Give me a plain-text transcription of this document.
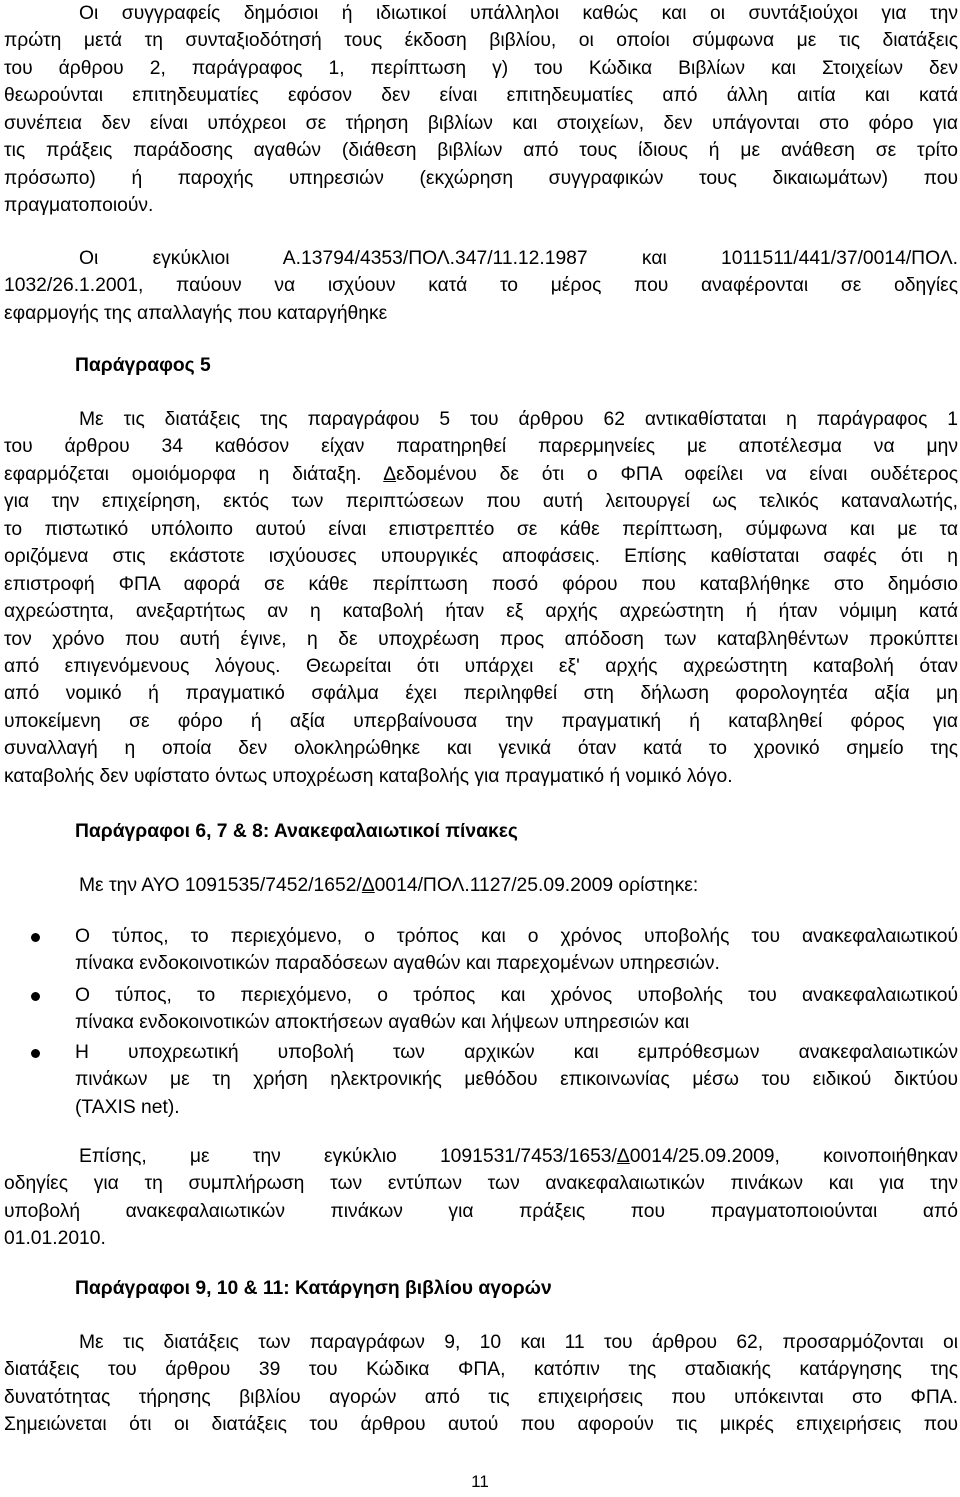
Οι συγγραφείς δημόσιοι ή ιδιωτικοί υπάλληλοι καθώς και οι συντάξιούχοι για την
πρώτη μετά τη συνταξιοδότησή τους έκδοση βιβλίου, οι οποίοι σύμφωνα με τις διατάξεις
του άρθρου 2, παράγραφος 1, περίπτωση γ) του Κώδικα Βιβλίων και Στοιχείων δεν
θεωρούνται επιτηδευματίες εφόσον δεν είναι επιτηδευματίες από άλλη αιτία και κατά
συνέπεια δεν είναι υπόχρεοι σε τήρηση βιβλίων και στοιχείων, δεν υπάγονται στο φόρο για
τις πράξεις παράδοσης αγαθών (διάθεση βιβλίων από τους ίδιους ή με ανάθεση σε τρίτο
πρόσωπο) ή παροχής υπηρεσιών (εκχώρηση συγγραφικών τους δικαιωμάτων) που
πραγματοποιούν.
Οι εγκύκλιοι Α.13794/4353/ΠΟΛ.347/11.12.1987 και 1011511/441/37/0014/ΠΟΛ.
1032/26.1.2001, παύουν να ισχύουν κατά το μέρος που αναφέρονται σε οδηγίες
εφαρμογής της απαλλαγής που καταργήθηκε
Παράγραφος 5
Με τις διατάξεις της παραγράφου 5 του άρθρου 62 αντικαθίσταται η παράγραφος 1
του άρθρου 34 καθόσον είχαν παρατηρηθεί παρερμηνείες με αποτέλεσμα να μην
εφαρμόζεται ομοιόμορφα η διάταξη. Δεδομένου δε ότι ο ΦΠΑ οφείλει να είναι ουδέτερος
για την επιχείρηση, εκτός των περιπτώσεων που αυτή λειτουργεί ως τελικός καταναλωτής,
το πιστωτικό υπόλοιπο αυτού είναι επιστρεπτέο σε κάθε περίπτωση, σύμφωνα και με τα
οριζόμενα στις εκάστοτε ισχύουσες υπουργικές αποφάσεις. Επίσης καθίσταται σαφές ότι η
επιστροφή ΦΠΑ αφορά σε κάθε περίπτωση ποσό φόρου που καταβλήθηκε στο δημόσιο
αχρεώστητα, ανεξαρτήτως αν η καταβολή ήταν εξ αρχής αχρεώστητη ή ήταν νόμιμη κατά
τον χρόνο που αυτή έγινε, η δε υποχρέωση προς απόδοση των καταβληθέντων προκύπτει
από επιγενόμενους λόγους. Θεωρείται ότι υπάρχει εξ' αρχής αχρεώστητη καταβολή όταν
από νομικό ή πραγματικό σφάλμα έχει περιληφθεί στη δήλωση φορολογητέα αξία μη
υποκείμενη σε φόρο ή αξία υπερβαίνουσα την πραγματική ή καταβληθεί φόρος για
συναλλαγή η οποία δεν ολοκληρώθηκε και γενικά όταν κατά το χρονικό σημείο της
καταβολής δεν υφίστατο όντως υποχρέωση καταβολής για πραγματικό ή νομικό λόγο.
Παράγραφοι 6, 7 & 8: Ανακεφαλαιωτικοί πίνακες
Με την ΑΥΟ 1091535/7452/1652/Δ0014/ΠΟΛ.1127/25.09.2009 ορίστηκε:
Ο τύπος, το περιεχόμενο, ο τρόπος και ο χρόνος υποβολής του ανακεφαλαιωτικού
πίνακα ενδοκοινοτικών παραδόσεων αγαθών και παρεχομένων υπηρεσιών.
Ο τύπος, το περιεχόμενο, ο τρόπος και χρόνος υποβολής του ανακεφαλαιωτικού
πίνακα ενδοκοινοτικών αποκτήσεων αγαθών και λήψεων υπηρεσιών και
Η υποχρεωτική υποβολή των αρχικών και εμπρόθεσμων ανακεφαλαιωτικών
πινάκων με τη χρήση ηλεκτρονικής μεθόδου επικοινωνίας μέσω του ειδικού δικτύου
(TAXIS net).
Επίσης, με την εγκύκλιο 1091531/7453/1653/Δ0014/25.09.2009, κοινοποιήθηκαν
οδηγίες για τη συμπλήρωση των εντύπων των ανακεφαλαιωτικών πινάκων και για την
υποβολή ανακεφαλαιωτικών πινάκων για πράξεις που πραγματοποιούνται από
01.01.2010.
Παράγραφοι 9, 10 & 11: Κατάργηση βιβλίου αγορών
Με τις διατάξεις των παραγράφων 9, 10 και 11 του άρθρου 62, προσαρμόζονται οι
διατάξεις του άρθρου 39 του Κώδικα ΦΠΑ, κατόπιν της σταδιακής κατάργησης της
δυνατότητας τήρησης βιβλίου αγορών από τις επιχειρήσεις που υπόκεινται στο ΦΠΑ.
Σημειώνεται ότι οι διατάξεις του άρθρου αυτού που αφορούν τις μικρές επιχειρήσεις που
11
